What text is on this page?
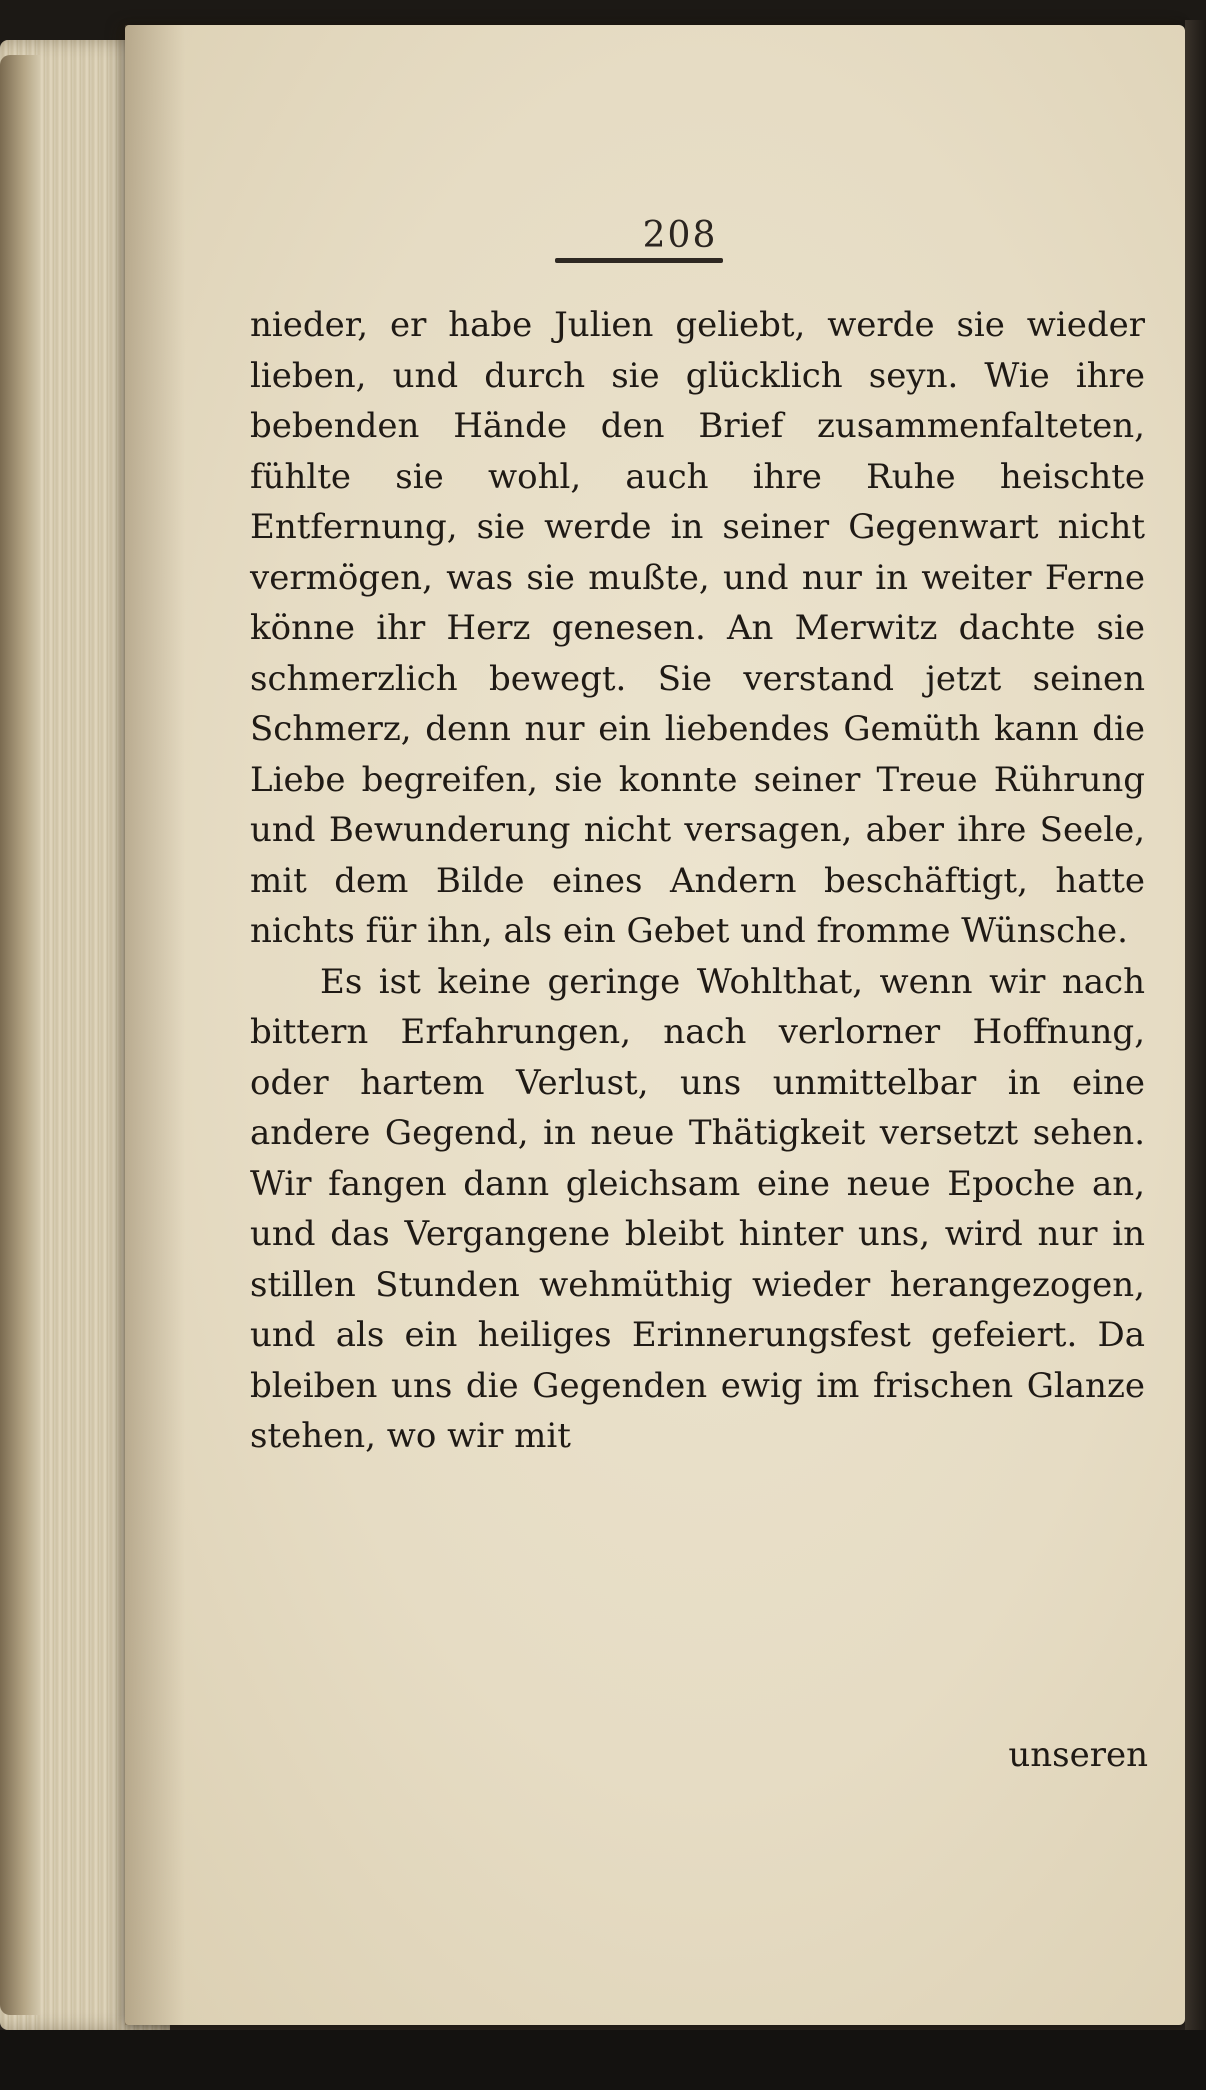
208
unseren

nieder, er habe Julien geliebt, werde sie wieder lieben, und durch sie glücklich seyn. Wie ihre bebenden Hände den Brief zusammenfalteten, fühlte sie wohl, auch ihre Ruhe heischte Entfernung, sie werde in seiner Gegenwart nicht vermögen, was sie mußte, und nur in weiter Ferne könne ihr Herz genesen. An Merwitz dachte sie schmerzlich bewegt. Sie verstand jetzt seinen Schmerz, denn nur ein liebendes Gemüth kann die Liebe begreifen, sie konnte seiner Treue Rührung und Bewunderung nicht versagen, aber ihre Seele, mit dem Bilde eines Andern beschäftigt, hatte nichts für ihn, als ein Gebet und fromme Wünsche.

Es ist keine geringe Wohlthat, wenn wir nach bittern Erfahrungen, nach verlorner Hoffnung, oder hartem Verlust, uns unmittelbar in eine andere Gegend, in neue Thätigkeit versetzt sehen. Wir fangen dann gleichsam eine neue Epoche an, und das Vergangene bleibt hinter uns, wird nur in stillen Stunden wehmüthig wieder herangezogen, und als ein heiliges Erinnerungsfest gefeiert. Da bleiben uns die Gegenden ewig im frischen Glanze stehen, wo wir mit
